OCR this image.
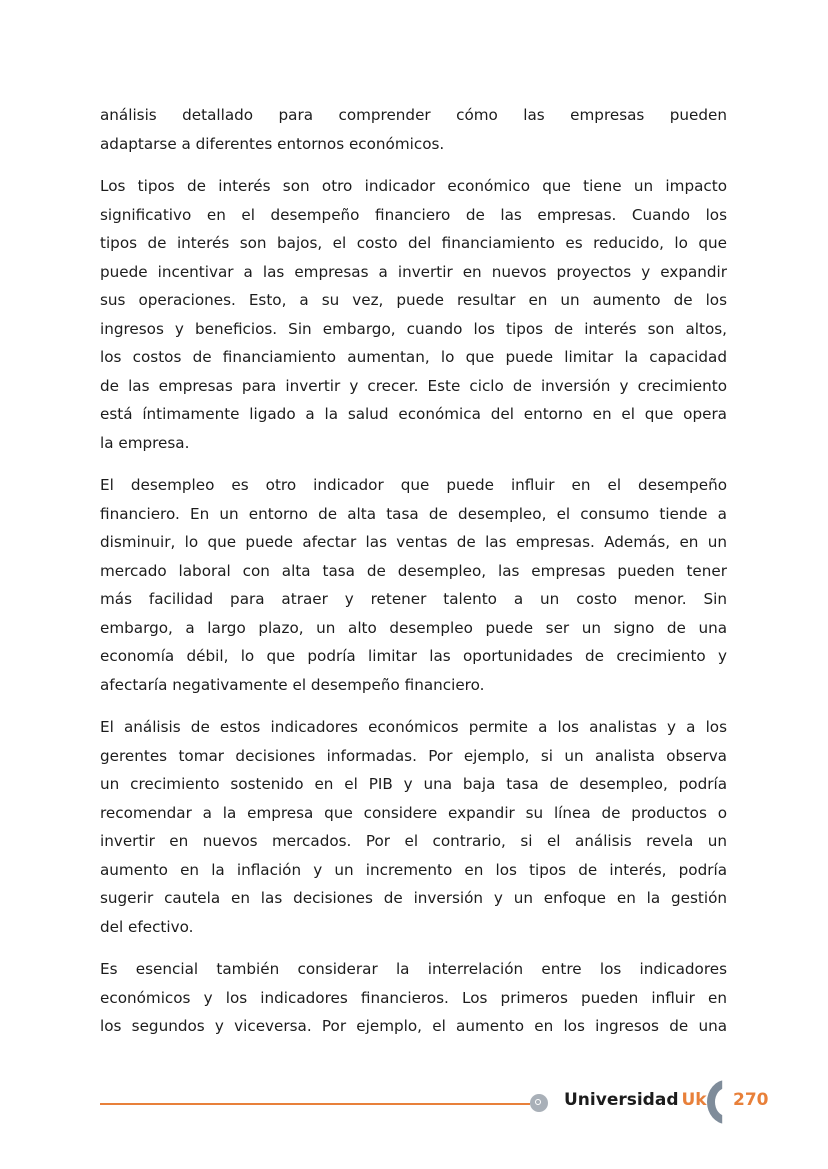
análisis detallado para comprender cómo las empresas pueden
adaptarse a diferentes entornos económicos.
Los tipos de interés son otro indicador económico que tiene un impacto
significativo en el desempeño financiero de las empresas. Cuando los
tipos de interés son bajos, el costo del financiamiento es reducido, lo que
puede incentivar a las empresas a invertir en nuevos proyectos y expandir
sus operaciones. Esto, a su vez, puede resultar en un aumento de los
ingresos y beneficios. Sin embargo, cuando los tipos de interés son altos,
los costos de financiamiento aumentan, lo que puede limitar la capacidad
de las empresas para invertir y crecer. Este ciclo de inversión y crecimiento
está íntimamente ligado a la salud económica del entorno en el que opera
la empresa.
El desempleo es otro indicador que puede influir en el desempeño
financiero. En un entorno de alta tasa de desempleo, el consumo tiende a
disminuir, lo que puede afectar las ventas de las empresas. Además, en un
mercado laboral con alta tasa de desempleo, las empresas pueden tener
más facilidad para atraer y retener talento a un costo menor. Sin
embargo, a largo plazo, un alto desempleo puede ser un signo de una
economía débil, lo que podría limitar las oportunidades de crecimiento y
afectaría negativamente el desempeño financiero.
El análisis de estos indicadores económicos permite a los analistas y a los
gerentes tomar decisiones informadas. Por ejemplo, si un analista observa
un crecimiento sostenido en el PIB y una baja tasa de desempleo, podría
recomendar a la empresa que considere expandir su línea de productos o
invertir en nuevos mercados. Por el contrario, si el análisis revela un
aumento en la inflación y un incremento en los tipos de interés, podría
sugerir cautela en las decisiones de inversión y un enfoque en la gestión
del efectivo.
Es esencial también considerar la interrelación entre los indicadores
económicos y los indicadores financieros. Los primeros pueden influir en
los segundos y viceversa. Por ejemplo, el aumento en los ingresos de una
Universidad Uk 270
